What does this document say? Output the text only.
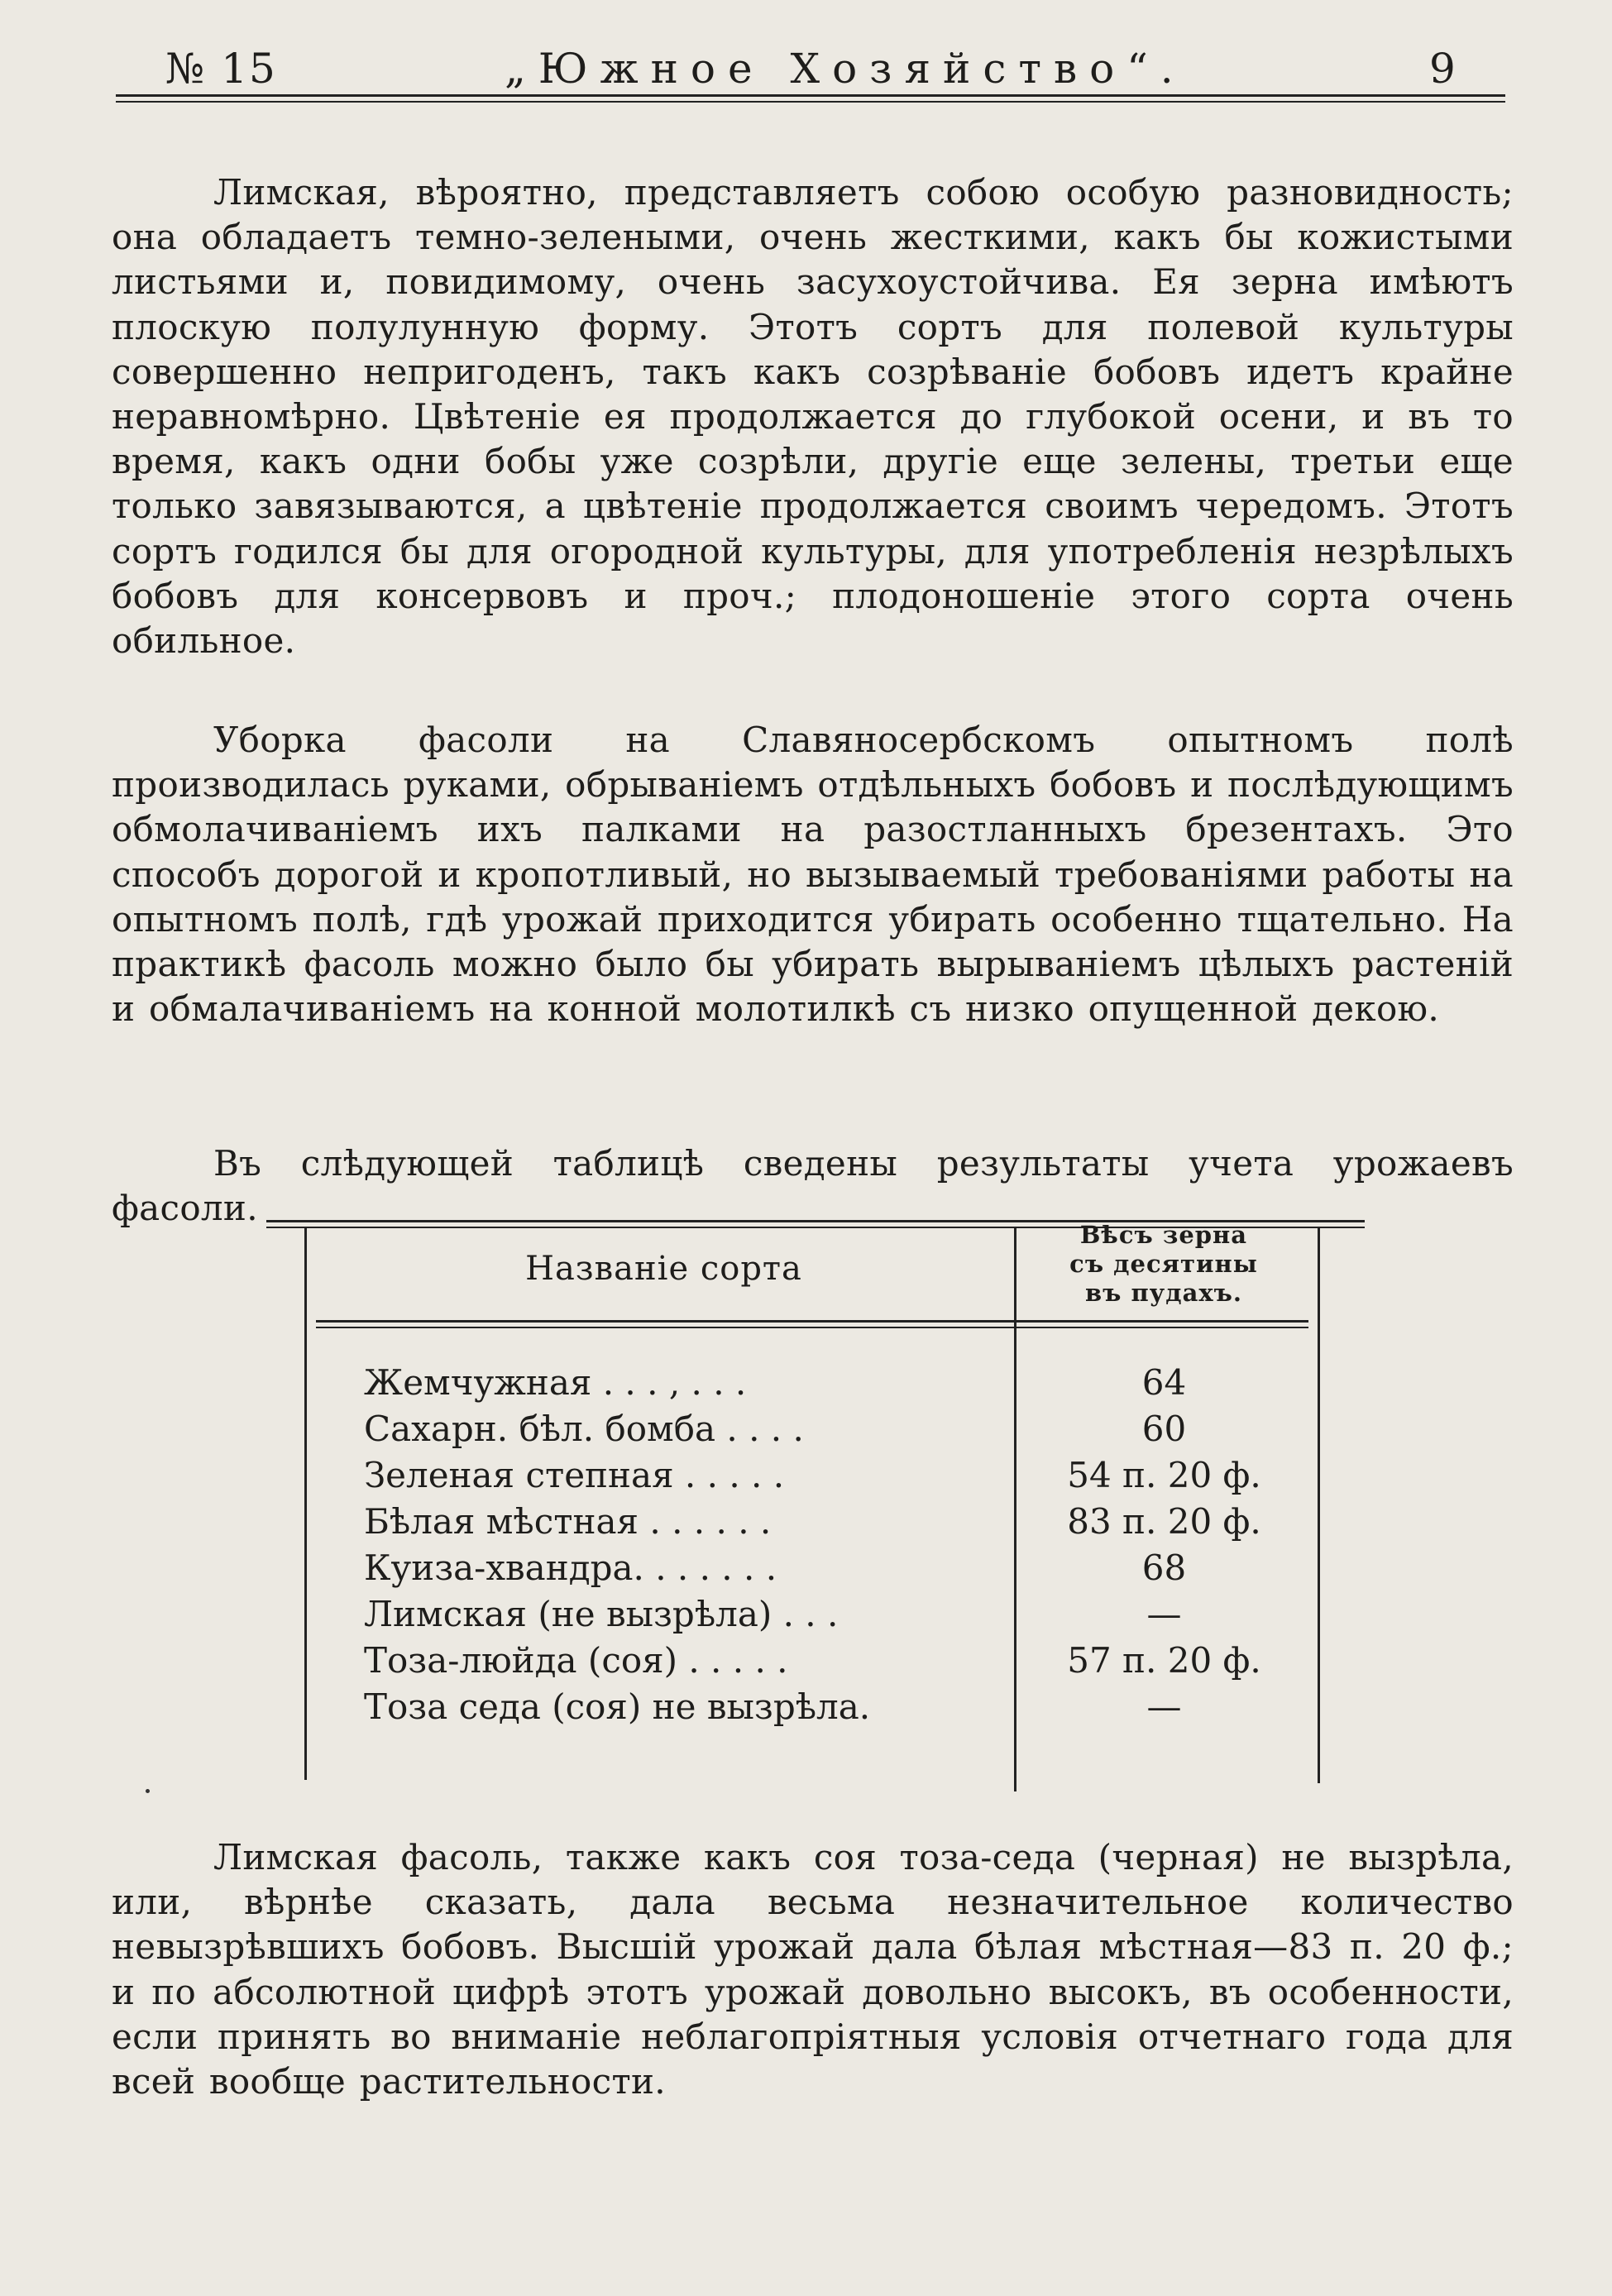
№ 15	„Южное Хозяйство“.	9

Лимская, вѣроятно, представляетъ собою особую разновидность; она обладаетъ темно-зелеными, очень жесткими, какъ бы кожистыми листьями и, повидимому, очень засухоустойчива. Ея зерна имѣютъ плоскую полулунную форму. Этотъ сортъ для полевой культуры совершенно непригоденъ, такъ какъ созрѣваніе бобовъ идетъ крайне неравномѣрно. Цвѣтеніе ея продолжается до глубокой осени, и въ то время, какъ одни бобы уже созрѣли, другіе еще зелены, третьи еще только завязываются, а цвѣтеніе продолжается своимъ чередомъ. Этотъ сортъ годился бы для огородной культуры, для употребленія незрѣлыхъ бобовъ для консервовъ и проч.; плодоношеніе этого сорта очень обильное.

Уборка фасоли на Славяносербскомъ опытномъ полѣ производилась руками, обрываніемъ отдѣльныхъ бобовъ и послѣдующимъ обмолачиваніемъ ихъ палками на разостланныхъ брезентахъ. Это способъ дорогой и кропотливый, но вызываемый требованіями работы на опытномъ полѣ, гдѣ урожай приходится убирать особенно тщательно. На практикѣ фасоль можно было бы убирать вырываніемъ цѣлыхъ растеній и обмалачиваніемъ на конной молотилкѣ съ низко опущенной декою.

Въ слѣдующей таблицѣ сведены результаты учета урожаевъ фасоли.

Названіе сорта
Вѣсъ зерна
съ десятины
въ пудахъ.
Жемчужная . . . , . . .	64
Сахарн. бѣл. бомба . . . .	60
Зеленая степная . . . . .	54 п. 20 ф.
Бѣлая мѣстная . . . . . .	83 п. 20 ф.
Куиза-хвандра. . . . . . .	68
Лимская (не вызрѣла) . . .	—
Тоза-люйда (соя) . . . . .	57 п. 20 ф.
Тоза седа (соя) не вызрѣла.	—

Лимская фасоль, также какъ соя тоза-седа (черная) не вызрѣла, или, вѣрнѣе сказать, дала весьма незначительное количество невызрѣвшихъ бобовъ. Высшій урожай дала бѣлая мѣстная—83 п. 20 ф.; и по абсолютной цифрѣ этотъ урожай довольно высокъ, въ особенности, если принять во вниманіе неблагопріятныя условія отчетнаго года для всей вообще растительности.
